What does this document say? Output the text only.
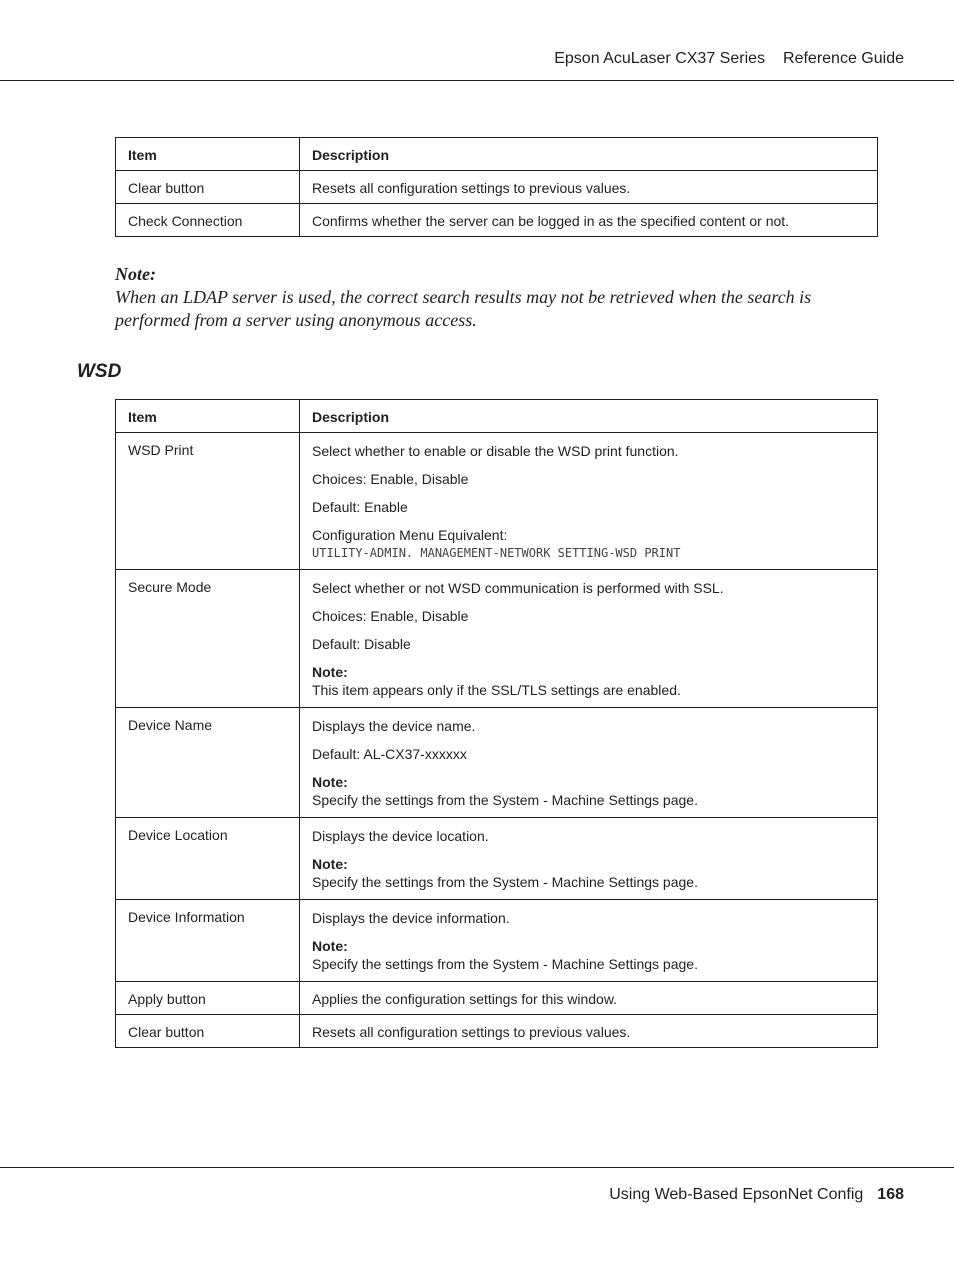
Epson AcuLaser CX37 Series Reference Guide
Item	Description
Clear button	Resets all configuration settings to previous values.
Check Connection	Confirms whether the server can be logged in as the specified content or not.
Note:
When an LDAP server is used, the correct search results may not be retrieved when the search is performed from a server using anonymous access.
WSD
Item	Description
WSD Print	Select whether to enable or disable the WSD print function.

Choices: Enable, Disable

Default: Enable

Configuration Menu Equivalent:
UTILITY-ADMIN. MANAGEMENT-NETWORK SETTING-WSD PRINT

Secure Mode	Select whether or not WSD communication is performed with SSL.

Choices: Enable, Disable

Default: Disable

Note:
This item appears only if the SSL/TLS settings are enabled.

Device Name	Displays the device name.

Default: AL-CX37-xxxxxx

Note:
Specify the settings from the System - Machine Settings page.

Device Location	Displays the device location.

Note:
Specify the settings from the System - Machine Settings page.

Device Information	Displays the device information.

Note:
Specify the settings from the System - Machine Settings page.

Apply button	Applies the configuration settings for this window.
Clear button	Resets all configuration settings to previous values.
Using Web-Based EpsonNet Config 168
